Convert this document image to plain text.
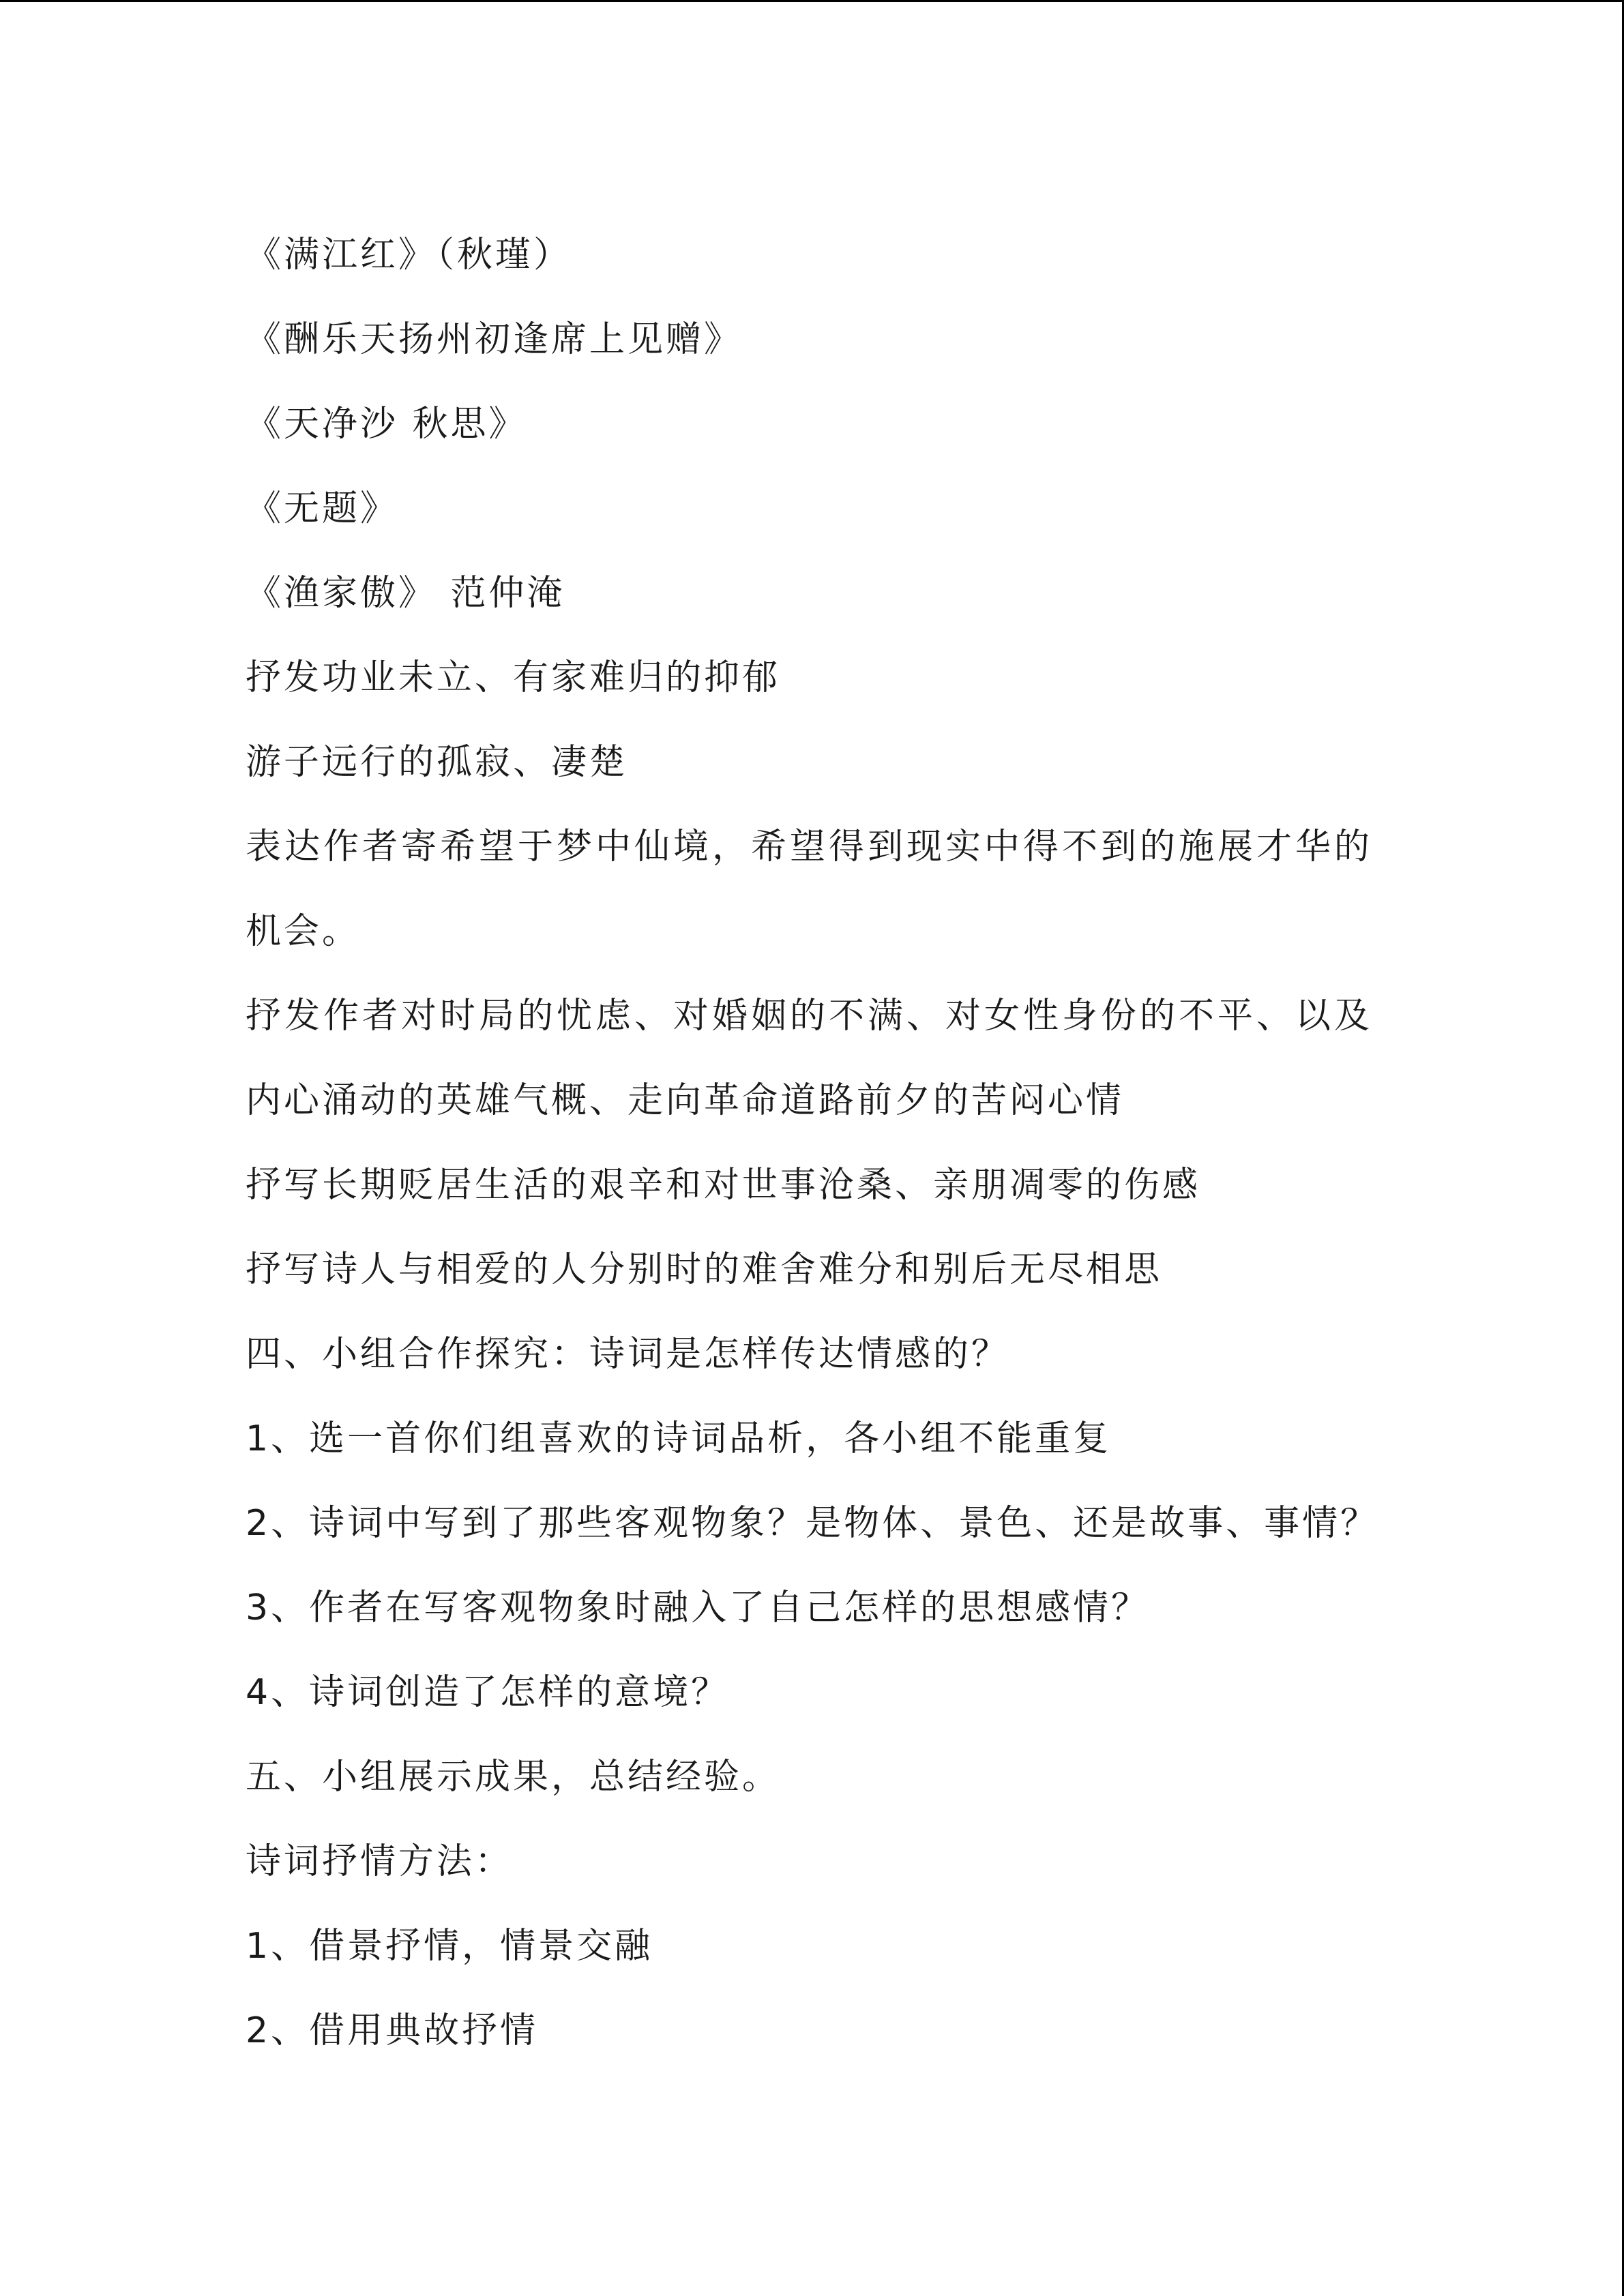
《满江红》（秋瑾）
《酬乐天扬州初逢席上见赠》
《天净沙 秋思》
《无题》
《渔家傲》 范仲淹
抒发功业未立、有家难归的抑郁
游子远行的孤寂、凄楚
表达作者寄希望于梦中仙境，希望得到现实中得不到的施展才华的
机会。
抒发作者对时局的忧虑、对婚姻的不满、对女性身份的不平、以及
内心涌动的英雄气概、走向革命道路前夕的苦闷心情
抒写长期贬居生活的艰辛和对世事沧桑、亲朋凋零的伤感
抒写诗人与相爱的人分别时的难舍难分和别后无尽相思
四、小组合作探究：诗词是怎样传达情感的？
1、选一首你们组喜欢的诗词品析，各小组不能重复
2、诗词中写到了那些客观物象？是物体、景色、还是故事、事情？
3、作者在写客观物象时融入了自己怎样的思想感情？
4、诗词创造了怎样的意境？
五、小组展示成果，总结经验。
诗词抒情方法：
1、借景抒情，情景交融
2、借用典故抒情
